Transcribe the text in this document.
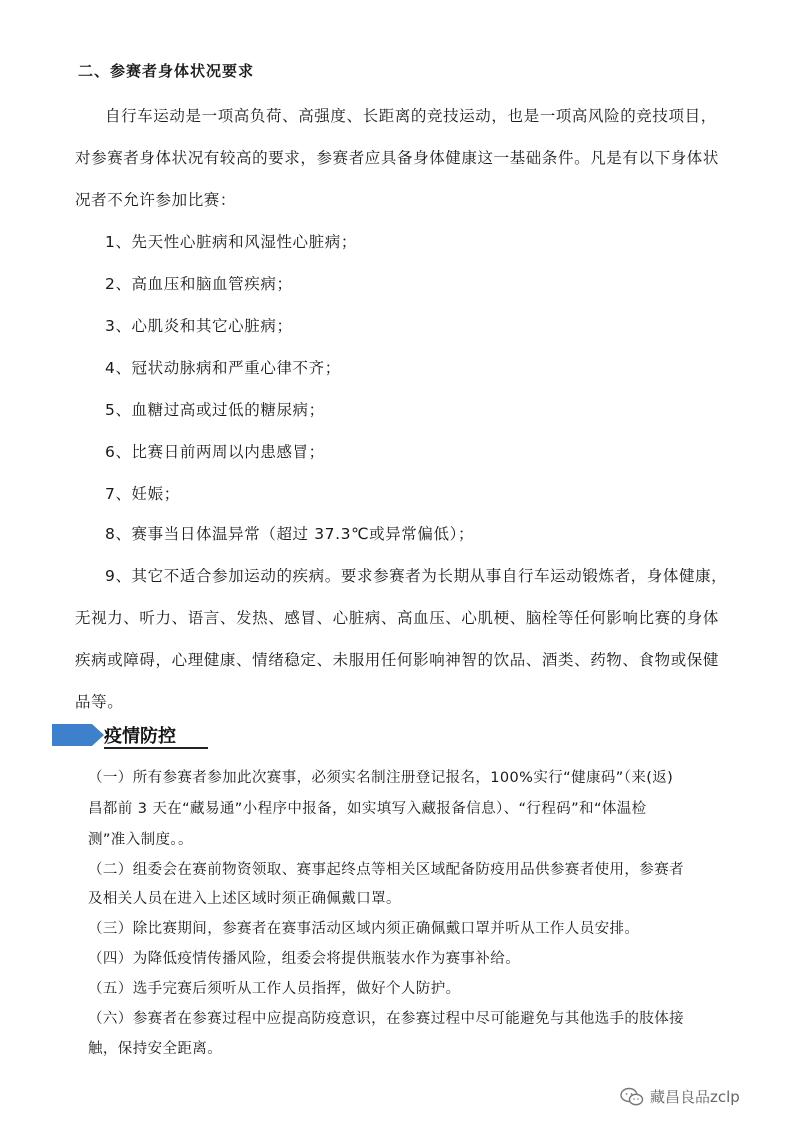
二、参赛者身体状况要求
自行车运动是一项高负荷、高强度、长距离的竞技运动，也是一项高风险的竞技项目，
对参赛者身体状况有较高的要求，参赛者应具备身体健康这一基础条件。凡是有以下身体状
况者不允许参加比赛：
1、先天性心脏病和风湿性心脏病；
2、高血压和脑血管疾病；
3、心肌炎和其它心脏病；
4、冠状动脉病和严重心律不齐；
5、血糖过高或过低的糖尿病；
6、比赛日前两周以内患感冒；
7、妊娠；
8、赛事当日体温异常（超过 37.3℃或异常偏低）；
9、其它不适合参加运动的疾病。要求参赛者为长期从事自行车运动锻炼者，身体健康，
无视力、听力、语言、发热、感冒、心脏病、高血压、心肌梗、脑栓等任何影响比赛的身体
疾病或障碍，心理健康、情绪稳定、未服用任何影响神智的饮品、酒类、药物、食物或保健
品等。
疫情防控
（一）所有参赛者参加此次赛事，必须实名制注册登记报名，100%实行“健康码”（来(返)
昌都前 3 天在“藏易通”小程序中报备，如实填写入藏报备信息）、“行程码”和“体温检
测”准入制度。。
（二）组委会在赛前物资领取、赛事起终点等相关区域配备防疫用品供参赛者使用，参赛者
及相关人员在进入上述区域时须正确佩戴口罩。
（三）除比赛期间，参赛者在赛事活动区域内须正确佩戴口罩并听从工作人员安排。
（四）为降低疫情传播风险，组委会将提供瓶装水作为赛事补给。
（五）选手完赛后须听从工作人员指挥，做好个人防护。
（六）参赛者在参赛过程中应提高防疫意识，在参赛过程中尽可能避免与其他选手的肢体接
触，保持安全距离。
藏昌良品zclp
